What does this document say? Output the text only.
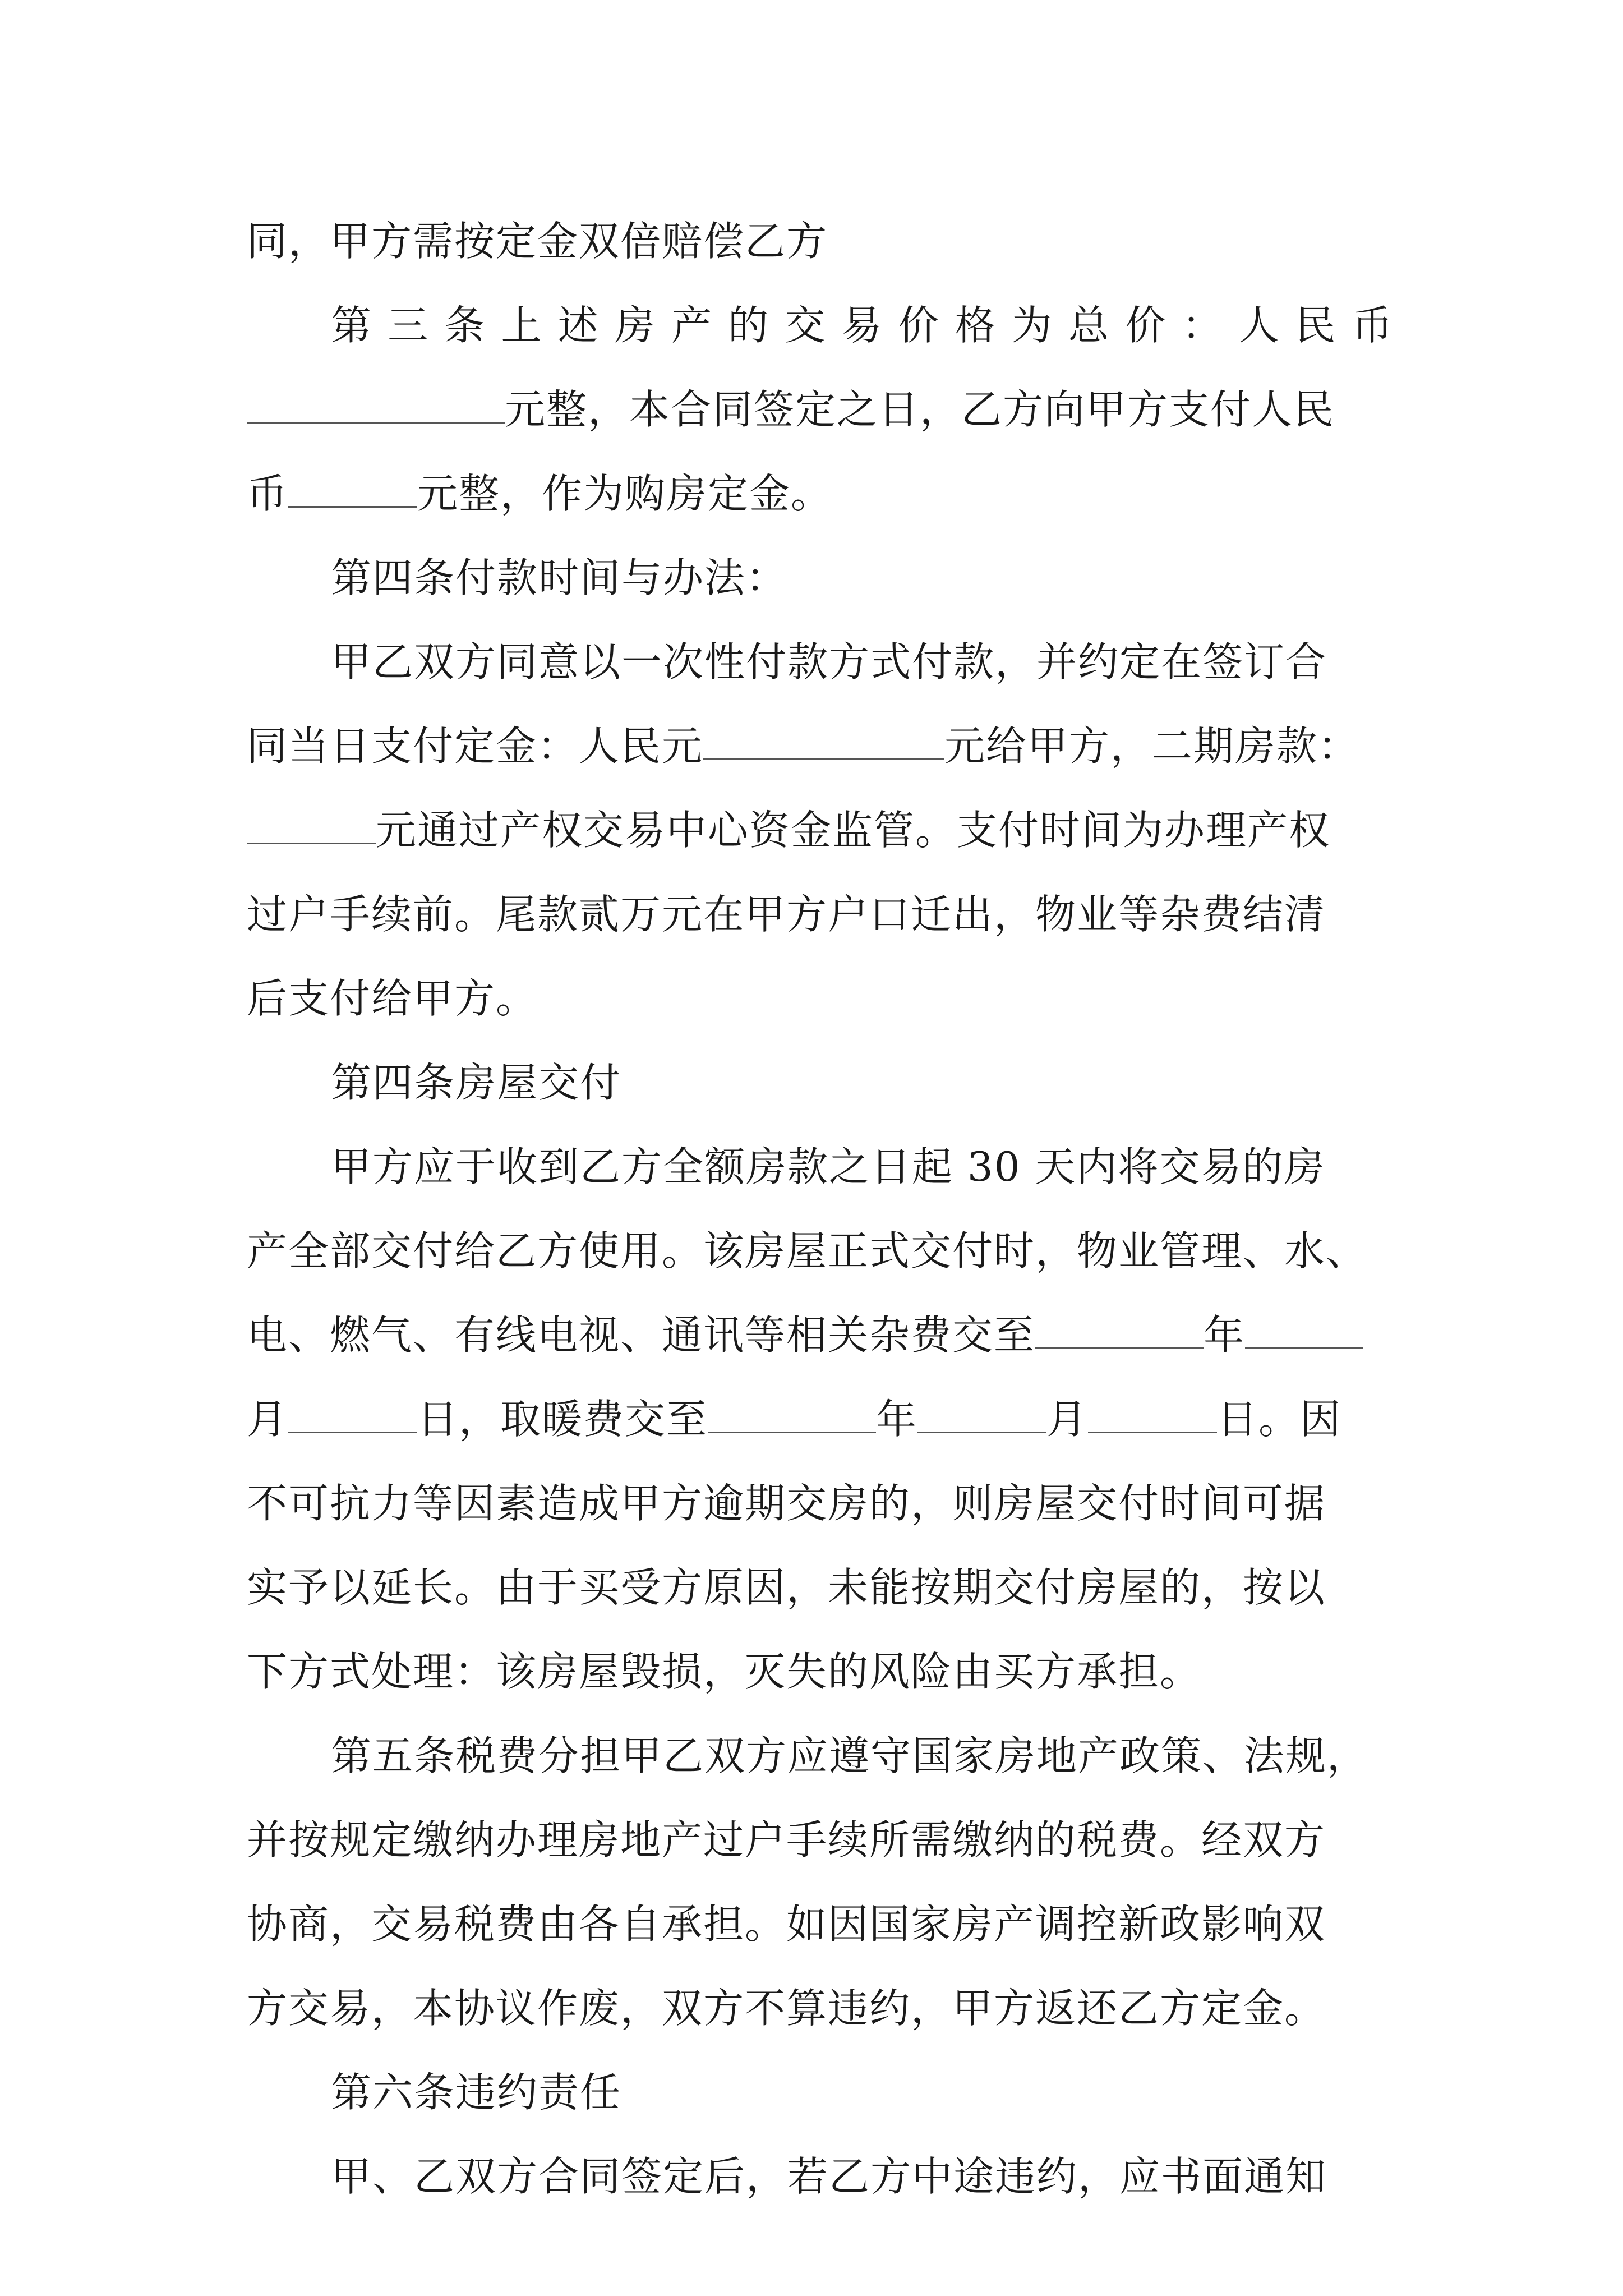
同，甲方需按定金双倍赔偿乙方
第 三 条 上 述 房 产 的 交 易 价 格 为 总 价 ： 人 民 币
元整，本合同签定之日，乙方向甲方支付人民
币	元整，作为购房定金。
第四条付款时间与办法：
甲乙双方同意以一次性付款方式付款，并约定在签订合
同当日支付定金：人民元	元给甲方，二期房款：
元通过产权交易中心资金监管。支付时间为办理产权
过户手续前。尾款贰万元在甲方户口迁出，物业等杂费结清
后支付给甲方。
第四条房屋交付
甲方应于收到乙方全额房款之日起 30 天内将交易的房
产全部交付给乙方使用。该房屋正式交付时，物业管理、水、
电、燃气、有线电视、通讯等相关杂费交至	年
月	日，取暖费交至	年	月	日。因
不可抗力等因素造成甲方逾期交房的，则房屋交付时间可据
实予以延长。由于买受方原因，未能按期交付房屋的，按以
下方式处理：该房屋毁损，灭失的风险由买方承担。
第五条税费分担甲乙双方应遵守国家房地产政策、法规，
并按规定缴纳办理房地产过户手续所需缴纳的税费。经双方
协商，交易税费由各自承担。如因国家房产调控新政影响双
方交易，本协议作废，双方不算违约，甲方返还乙方定金。
第六条违约责任
甲、乙双方合同签定后，若乙方中途违约，应书面通知
